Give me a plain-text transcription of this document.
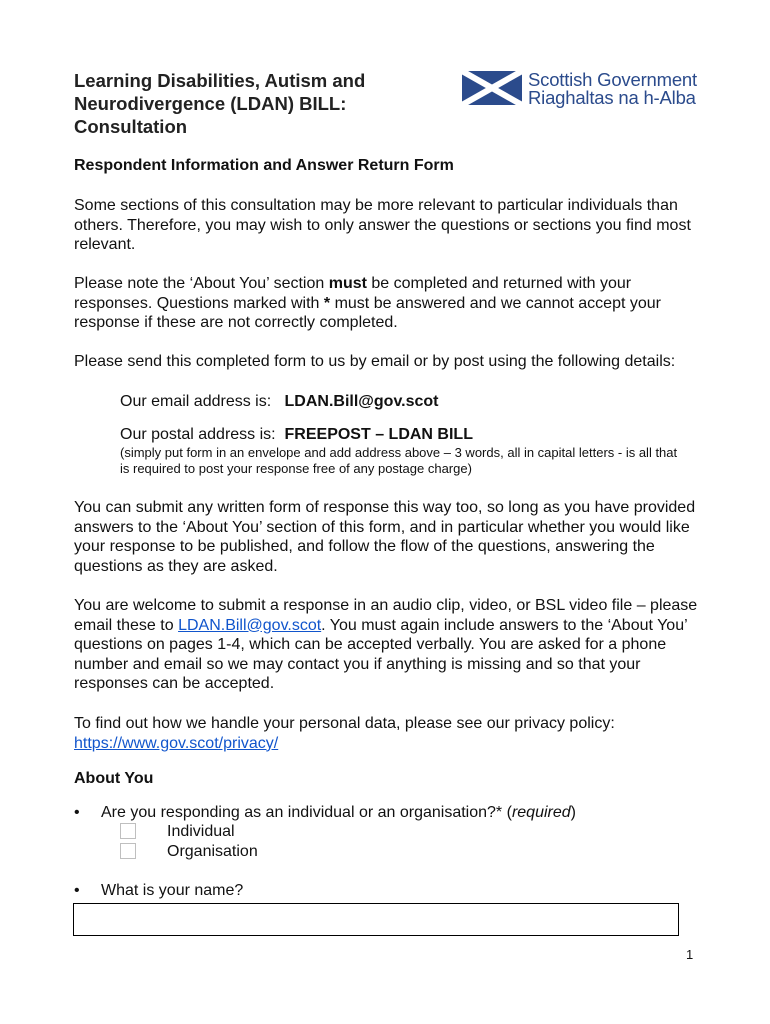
Learning Disabilities, Autism and Neurodivergence (LDAN) BILL: Consultation
Scottish Government
Riaghaltas na h-Alba
Respondent Information and Answer Return Form
Some sections of this consultation may be more relevant to particular individuals than others. Therefore, you may wish to only answer the questions or sections you find most relevant.
Please note the ‘About You’ section must be completed and returned with your responses. Questions marked with * must be answered and we cannot accept your response if these are not correctly completed.
Please send this completed form to us by email or by post using the following details:
Our email address is: LDAN.Bill@gov.scot
Our postal address is: FREEPOST – LDAN BILL
(simply put form in an envelope and add address above – 3 words, all in capital letters - is all that is required to post your response free of any postage charge)
You can submit any written form of response this way too, so long as you have provided answers to the ‘About You’ section of this form, and in particular whether you would like your response to be published, and follow the flow of the questions, answering the questions as they are asked.
You are welcome to submit a response in an audio clip, video, or BSL video file – please email these to LDAN.Bill@gov.scot. You must again include answers to the ‘About You’ questions on pages 1-4, which can be accepted verbally. You are asked for a phone number and email so we may contact you if anything is missing and so that your responses can be accepted.
To find out how we handle your personal data, please see our privacy policy:
https://www.gov.scot/privacy/
About You
• Are you responding as an individual or an organisation?* (required)
Individual
Organisation
• What is your name?
1
